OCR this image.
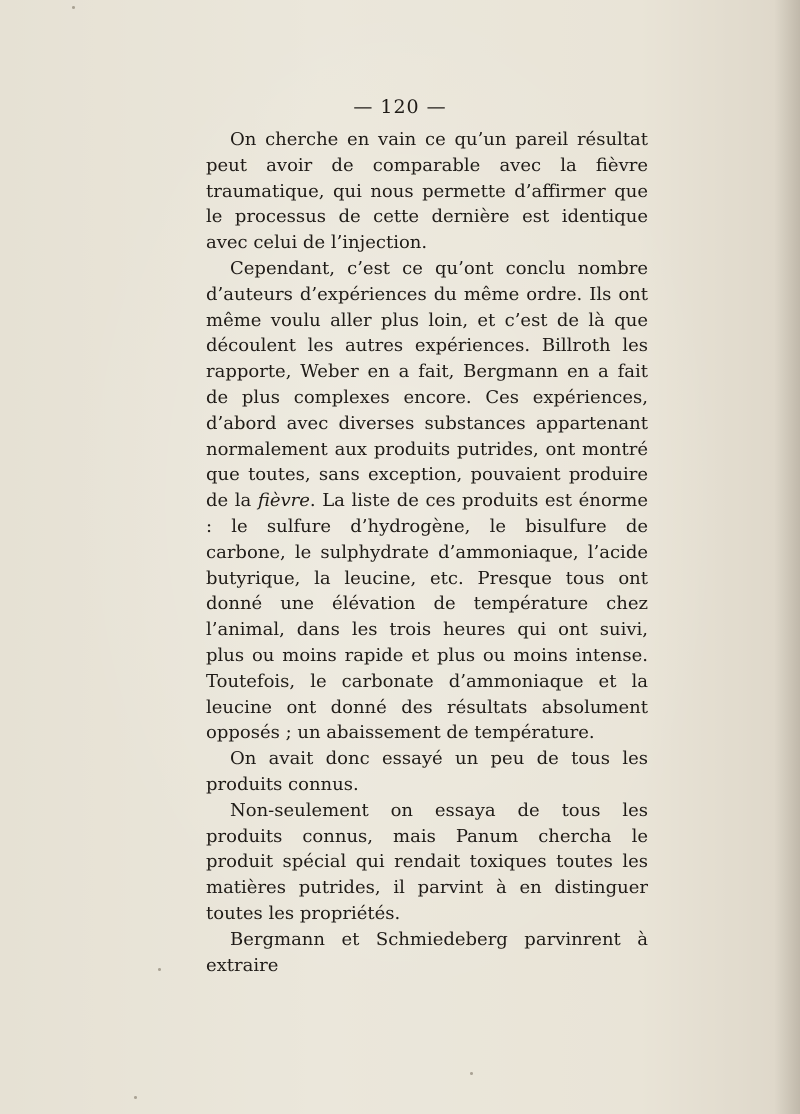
— 120 —

On cherche en vain ce qu’un pareil résultat peut avoir de comparable avec la fièvre traumatique, qui nous permette d’affirmer que le processus de cette dernière est identique avec celui de l’injection.

Cependant, c’est ce qu’ont conclu nombre d’auteurs d’expériences du même ordre. Ils ont même voulu aller plus loin, et c’est de là que découlent les autres expériences. Billroth les rapporte, Weber en a fait, Bergmann en a fait de plus complexes encore. Ces expériences, d’abord avec diverses substances appartenant normalement aux produits putrides, ont montré que toutes, sans exception, pouvaient produire de la fièvre. La liste de ces produits est énorme : le sulfure d’hydrogène, le bisulfure de carbone, le sulphydrate d’ammoniaque, l’acide butyrique, la leucine, etc. Presque tous ont donné une élévation de température chez l’animal, dans les trois heures qui ont suivi, plus ou moins rapide et plus ou moins intense. Toutefois, le carbonate d’ammoniaque et la leucine ont donné des résultats absolument opposés ; un abaissement de température.

On avait donc essayé un peu de tous les produits connus.

Non-seulement on essaya de tous les produits connus, mais Panum chercha le produit spécial qui rendait toxiques toutes les matières putrides, il parvint à en distinguer toutes les propriétés.

Bergmann et Schmiedeberg parvinrent à extraire
